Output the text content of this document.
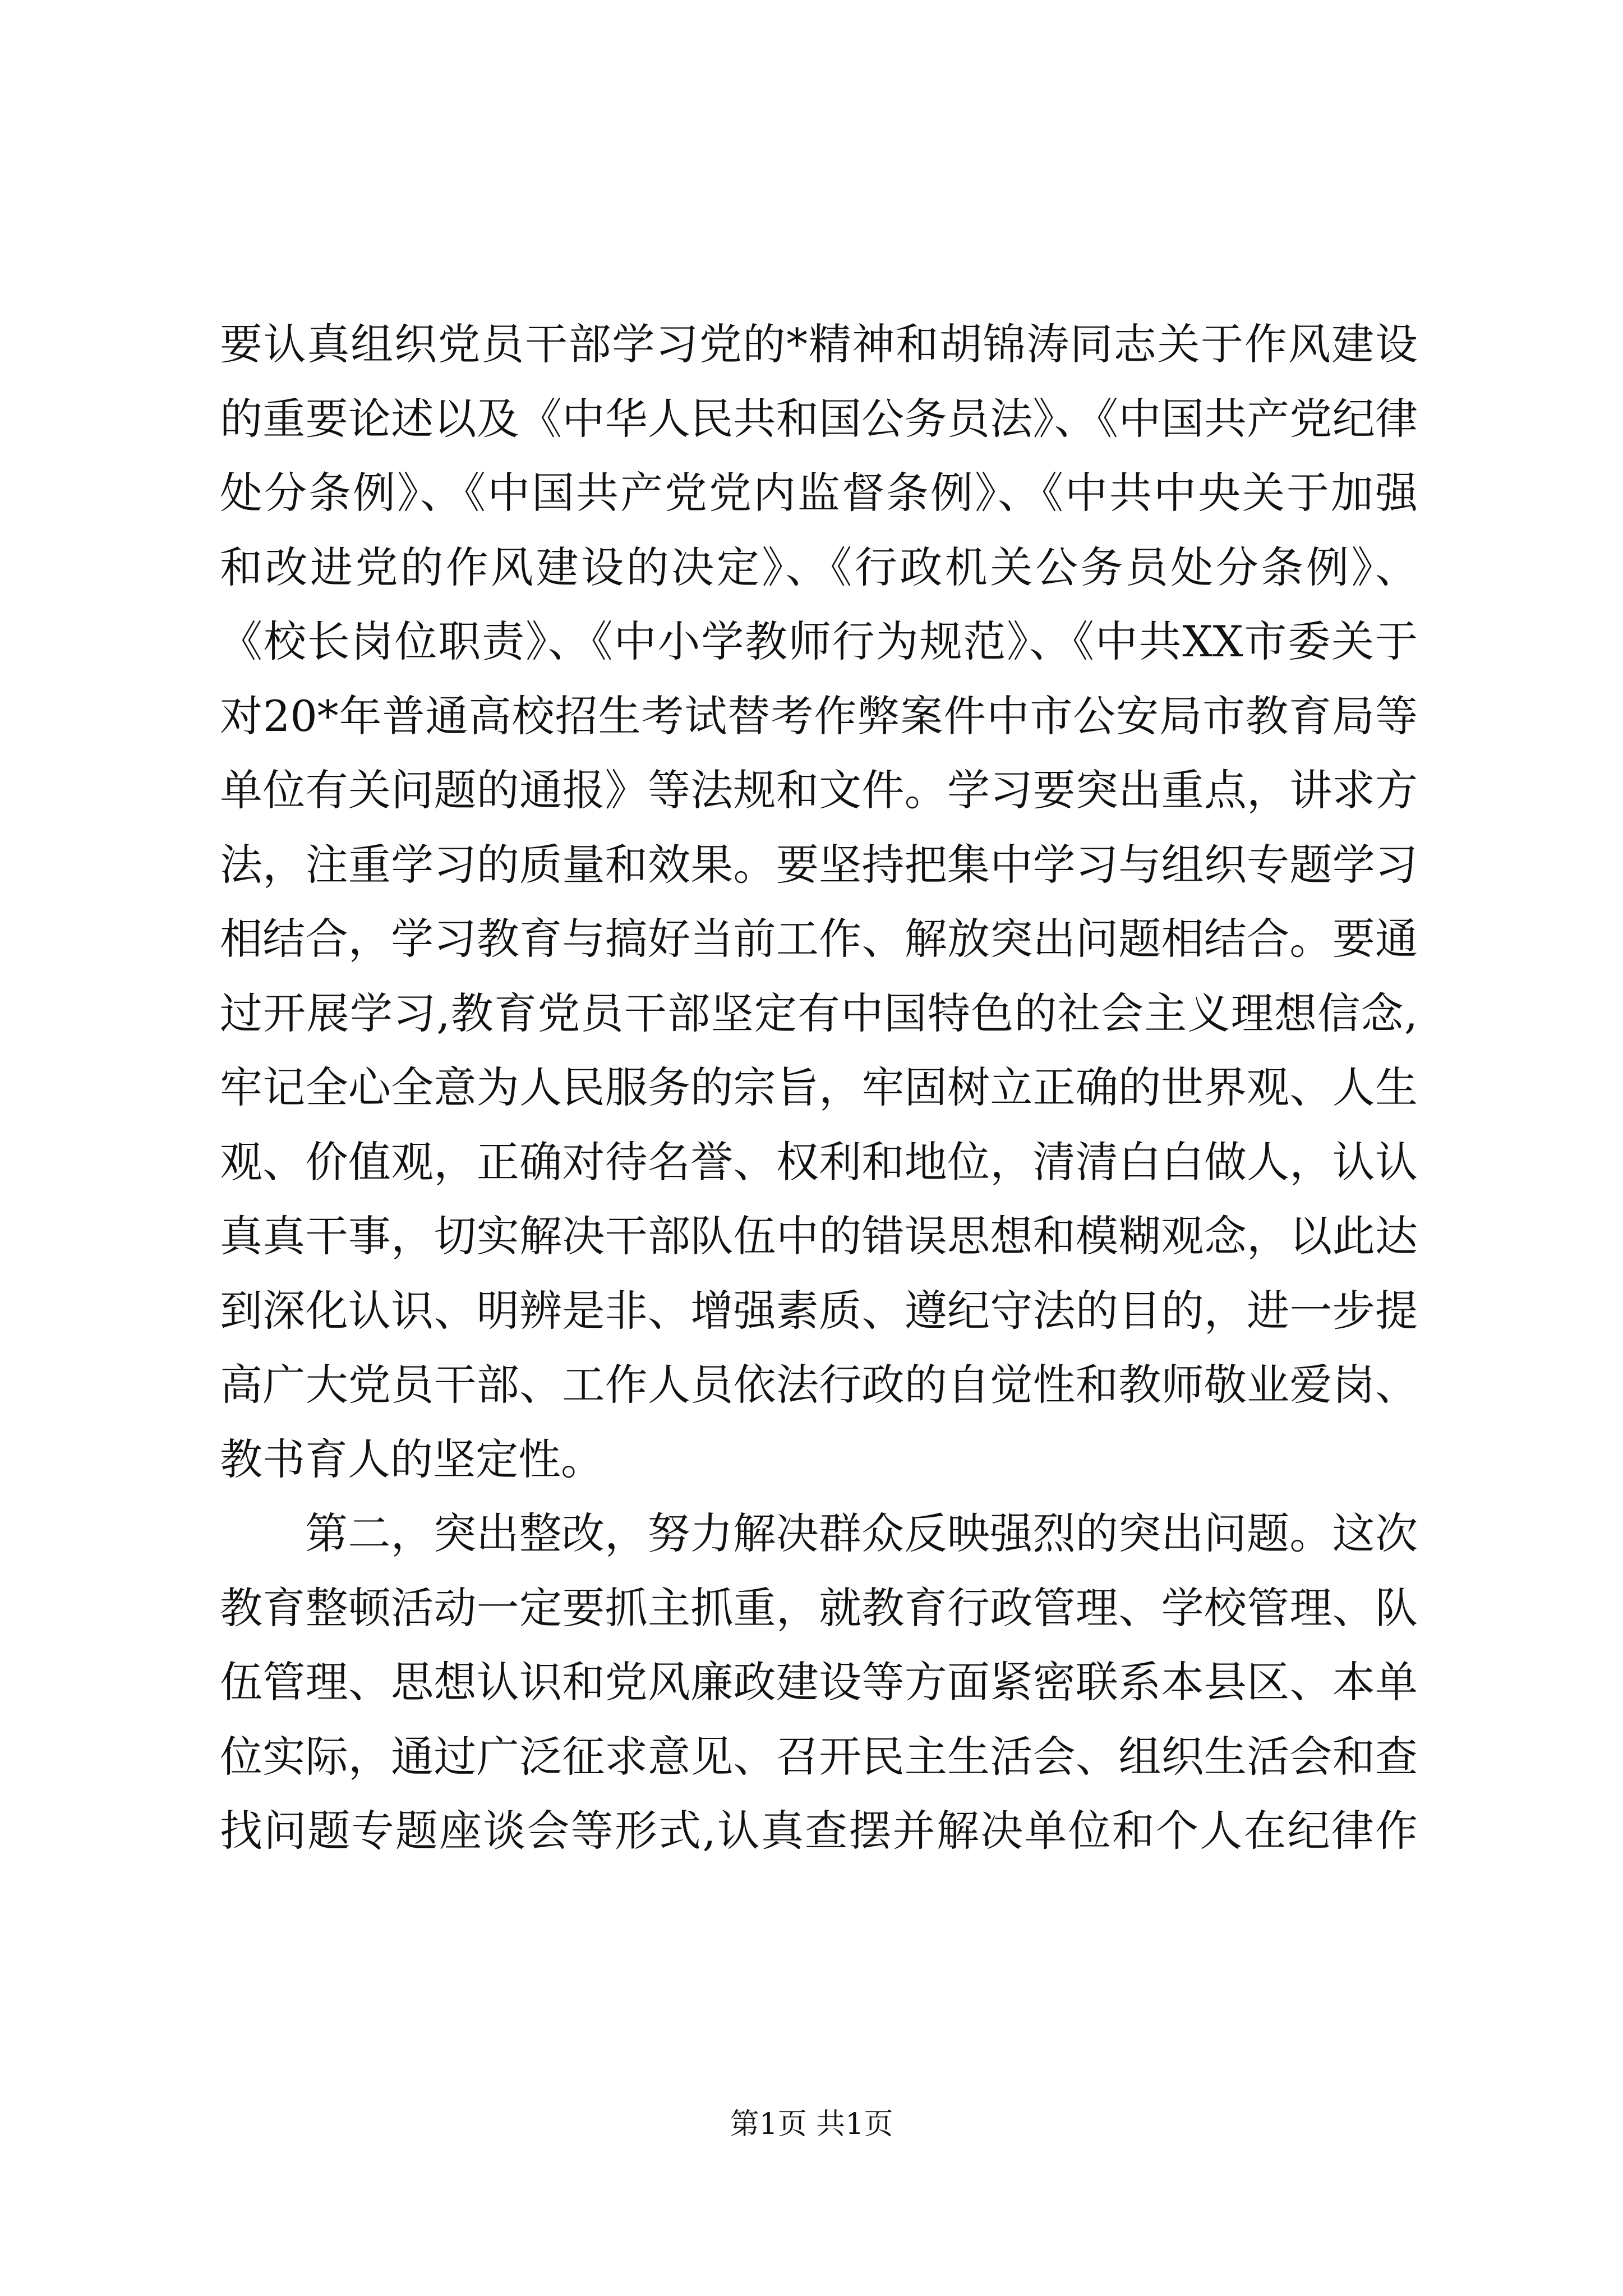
要认真组织党员干部学习党的*精神和胡锦涛同志关于作风建设
的重要论述以及《中华人民共和国公务员法》、《中国共产党纪律
处分条例》、《中国共产党党内监督条例》、《中共中央关于加强
和改进党的作风建设的决定》、《行政机关公务员处分条例》、
《校长岗位职责》、《中小学教师行为规范》、《中共XX市委关于
对20*年普通高校招生考试替考作弊案件中市公安局市教育局等
单位有关问题的通报》等法规和文件。学习要突出重点，讲求方
法，注重学习的质量和效果。要坚持把集中学习与组织专题学习
相结合，学习教育与搞好当前工作、解放突出问题相结合。要通
过开展学习,教育党员干部坚定有中国特色的社会主义理想信念,
牢记全心全意为人民服务的宗旨，牢固树立正确的世界观、人生
观、价值观，正确对待名誉、权利和地位，清清白白做人，认认
真真干事，切实解决干部队伍中的错误思想和模糊观念，以此达
到深化认识、明辨是非、增强素质、遵纪守法的目的，进一步提
高广大党员干部、工作人员依法行政的自觉性和教师敬业爱岗、
教书育人的坚定性。
第二，突出整改，努力解决群众反映强烈的突出问题。这次
教育整顿活动一定要抓主抓重，就教育行政管理、学校管理、队
伍管理、思想认识和党风廉政建设等方面紧密联系本县区、本单
位实际，通过广泛征求意见、召开民主生活会、组织生活会和查
找问题专题座谈会等形式,认真查摆并解决单位和个人在纪律作
第1页 共1页
